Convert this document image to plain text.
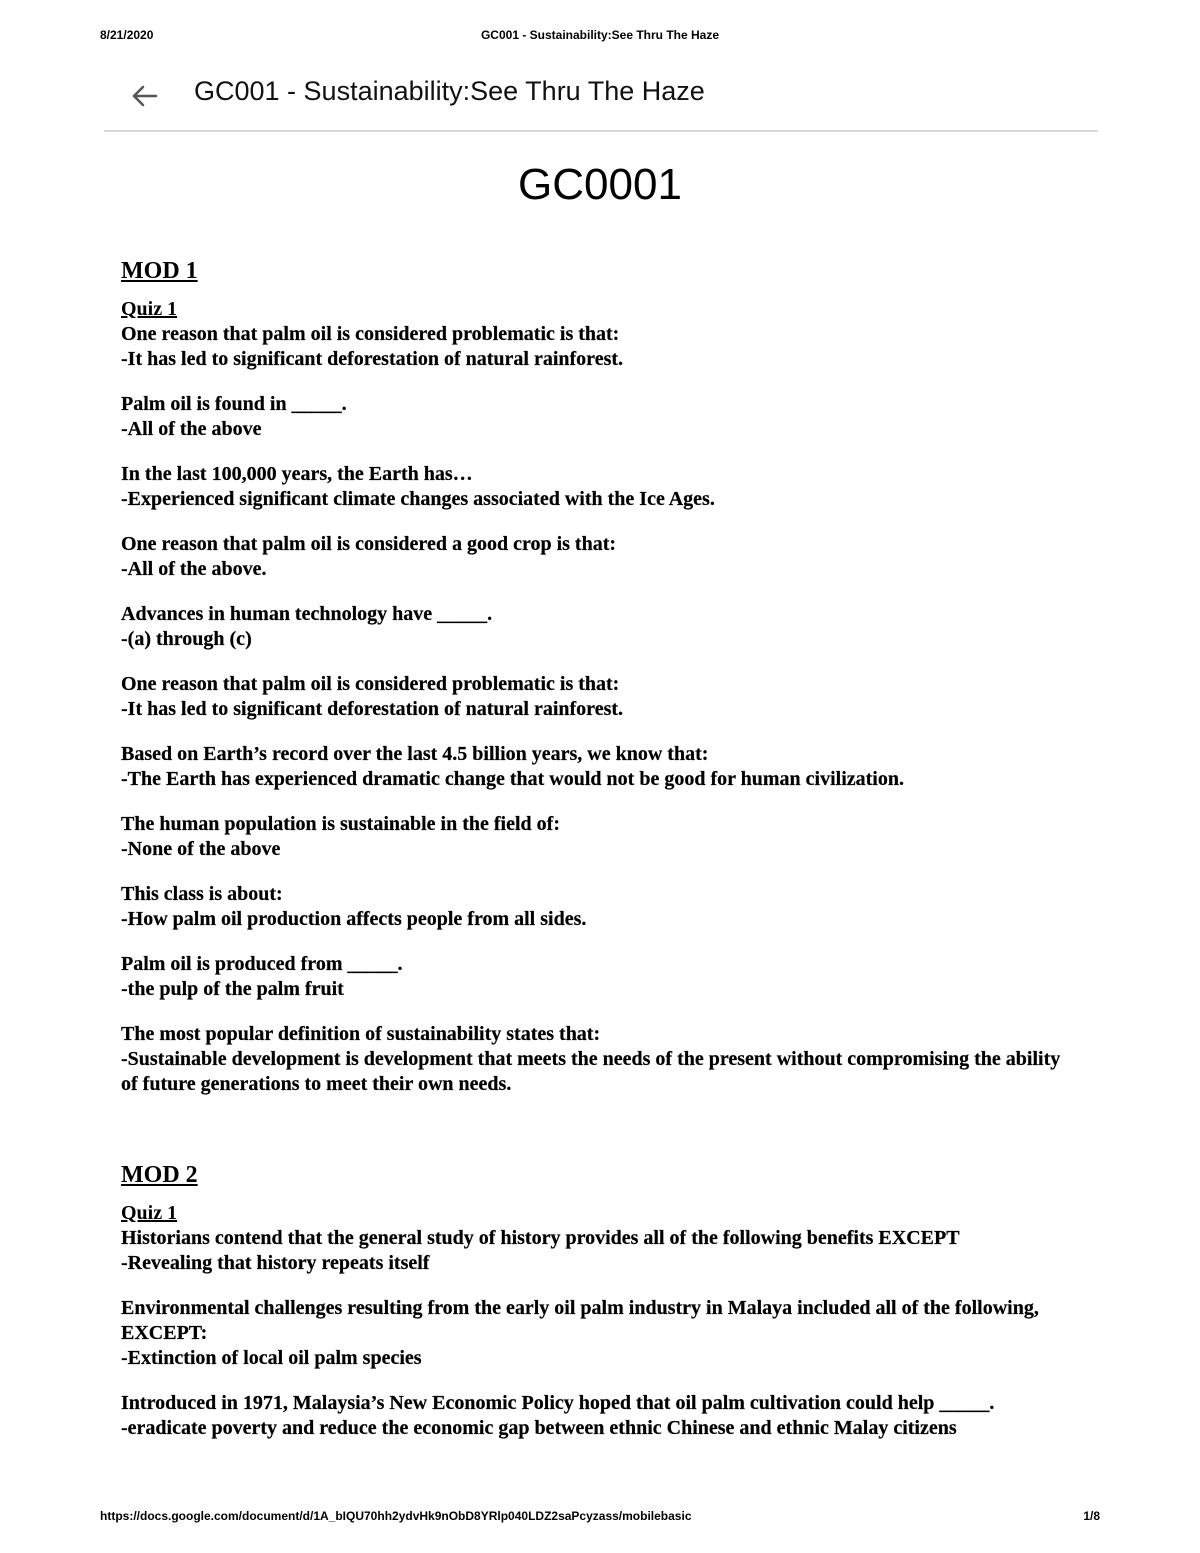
8/21/2020	GC001 - Sustainability:See Thru The Haze
GC001 - Sustainability:See Thru The Haze
GC0001
MOD 1
Quiz 1
One reason that palm oil is considered problematic is that:
-It has led to significant deforestation of natural rainforest.
Palm oil is found in _____.
-All of the above
In the last 100,000 years, the Earth has…
-Experienced significant climate changes associated with the Ice Ages.
One reason that palm oil is considered a good crop is that:
-All of the above.
Advances in human technology have _____.
-(a) through (c)
One reason that palm oil is considered problematic is that:
-It has led to significant deforestation of natural rainforest.
Based on Earth’s record over the last 4.5 billion years, we know that:
-The Earth has experienced dramatic change that would not be good for human civilization.
The human population is sustainable in the field of:
-None of the above
This class is about:
-How palm oil production affects people from all sides.
Palm oil is produced from _____.
-the pulp of the palm fruit
The most popular definition of sustainability states that:
-Sustainable development is development that meets the needs of the present without compromising the ability of future generations to meet their own needs.
MOD 2
Quiz 1
Historians contend that the general study of history provides all of the following benefits EXCEPT
-Revealing that history repeats itself
Environmental challenges resulting from the early oil palm industry in Malaya included all of the following, EXCEPT:
-Extinction of local oil palm species
Introduced in 1971, Malaysia’s New Economic Policy hoped that oil palm cultivation could help _____.
-eradicate poverty and reduce the economic gap between ethnic Chinese and ethnic Malay citizens
https://docs.google.com/document/d/1A_bIQU70hh2ydvHk9nObD8YRlp040LDZ2saPcyzass/mobilebasic	1/8
